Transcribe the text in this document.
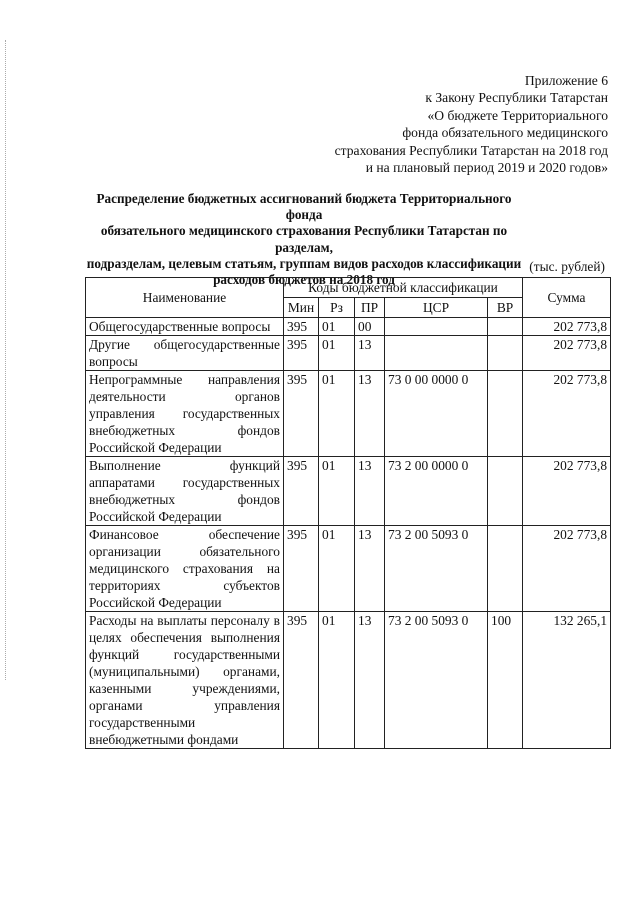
Приложение 6
к Закону Республики Татарстан
«О бюджете Территориального
фонда обязательного медицинского
страхования Республики Татарстан на 2018 год
и на плановый период 2019 и 2020 годов»
Распределение бюджетных ассигнований бюджета Территориального фонда
обязательного медицинского страхования Республики Татарстан по разделам,
подразделам, целевым статьям, группам видов расходов классификации
расходов бюджетов на 2018 год
(тыс. рублей)
Наименование	Коды бюджетной классификации					Сумма
	Мин	Рз	ПР	ЦСР	ВР	
Общегосударственные вопросы	395	01	00			202 773,8
Другие общегосударственные вопросы	395	01	13			202 773,8
Непрограммные направления деятельности органов управления государственных внебюджетных фондов Российской Федерации	395	01	13	73 0 00 0000 0		202 773,8
Выполнение функций аппаратами государственных внебюджетных фондов Российской Федерации	395	01	13	73 2 00 0000 0		202 773,8
Финансовое обеспечение организации обязательного медицинского страхования на территориях субъектов Российской Федерации	395	01	13	73 2 00 5093 0		202 773,8
Расходы на выплаты персоналу в целях обеспечения выполнения функций государственными (муниципальными) органами, казенными учреждениями, органами управления государственными внебюджетными фондами	395	01	13	73 2 00 5093 0	100	132 265,1
